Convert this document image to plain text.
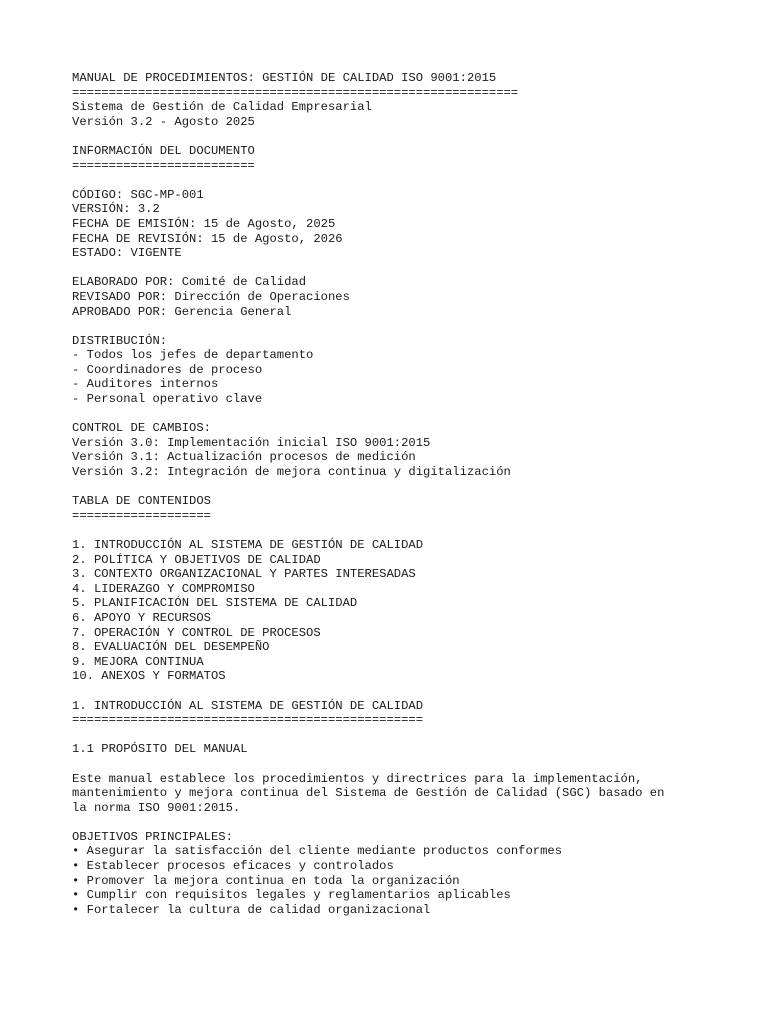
MANUAL DE PROCEDIMIENTOS: GESTIÓN DE CALIDAD ISO 9001:2015
=============================================================
Sistema de Gestión de Calidad Empresarial
Versión 3.2 - Agosto 2025
INFORMACIÓN DEL DOCUMENTO
=========================
CÓDIGO: SGC-MP-001
VERSIÓN: 3.2
FECHA DE EMISIÓN: 15 de Agosto, 2025
FECHA DE REVISIÓN: 15 de Agosto, 2026
ESTADO: VIGENTE
ELABORADO POR: Comité de Calidad
REVISADO POR: Dirección de Operaciones
APROBADO POR: Gerencia General
DISTRIBUCIÓN:
- Todos los jefes de departamento
- Coordinadores de proceso
- Auditores internos
- Personal operativo clave
CONTROL DE CAMBIOS:
Versión 3.0: Implementación inicial ISO 9001:2015
Versión 3.1: Actualización procesos de medición
Versión 3.2: Integración de mejora continua y digitalización
TABLA DE CONTENIDOS
===================
1. INTRODUCCIÓN AL SISTEMA DE GESTIÓN DE CALIDAD
2. POLÍTICA Y OBJETIVOS DE CALIDAD
3. CONTEXTO ORGANIZACIONAL Y PARTES INTERESADAS
4. LIDERAZGO Y COMPROMISO
5. PLANIFICACIÓN DEL SISTEMA DE CALIDAD
6. APOYO Y RECURSOS
7. OPERACIÓN Y CONTROL DE PROCESOS
8. EVALUACIÓN DEL DESEMPEÑO
9. MEJORA CONTINUA
10. ANEXOS Y FORMATOS
1. INTRODUCCIÓN AL SISTEMA DE GESTIÓN DE CALIDAD
================================================
1.1 PROPÓSITO DEL MANUAL
Este manual establece los procedimientos y directrices para la implementación,
mantenimiento y mejora continua del Sistema de Gestión de Calidad (SGC) basado en
la norma ISO 9001:2015.
OBJETIVOS PRINCIPALES:
• Asegurar la satisfacción del cliente mediante productos conformes
• Establecer procesos eficaces y controlados
• Promover la mejora continua en toda la organización
• Cumplir con requisitos legales y reglamentarios aplicables
• Fortalecer la cultura de calidad organizacional
